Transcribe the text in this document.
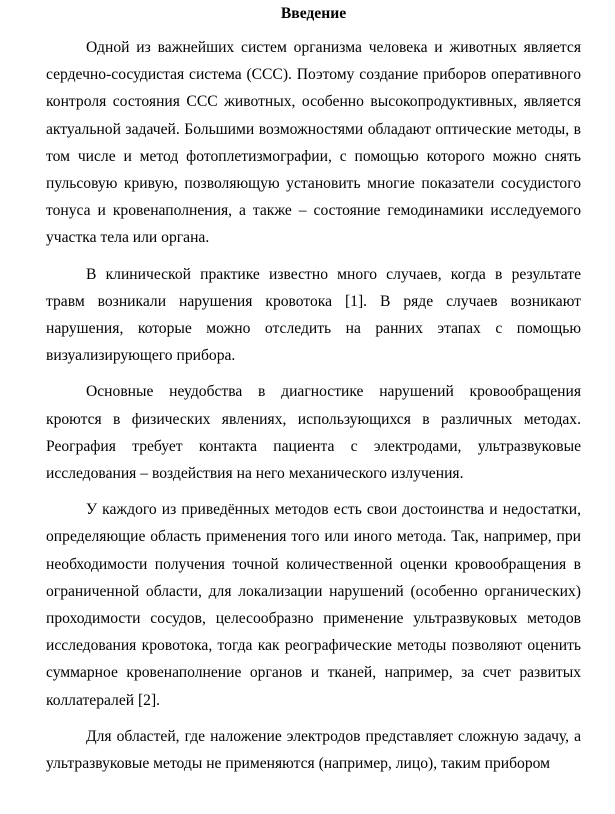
Введение

Одной из важнейших систем организма человека и животных является сердечно-сосудистая система (ССС). Поэтому создание приборов оперативного контроля состояния ССС животных, особенно высокопродуктивных, является актуальной задачей. Большими возможностями обладают оптические методы, в том числе и метод фотоплетизмографии, с помощью которого можно снять пульсовую кривую, позволяющую установить многие показатели сосудистого тонуса и кровенаполнения, а также – состояние гемодинамики исследуемого участка тела или органа.

В клинической практике известно много случаев, когда в результате травм возникали нарушения кровотока [1]. В ряде случаев возникают нарушения, которые можно отследить на ранних этапах с помощью визуализирующего прибора.

Основные неудобства в диагностике нарушений кровообращения кроются в физических явлениях, использующихся в различных методах. Реография требует контакта пациента с электродами, ультразвуковые исследования – воздействия на него механического излучения.

У каждого из приведённых методов есть свои достоинства и недостатки, определяющие область применения того или иного метода. Так, например, при необходимости получения точной количественной оценки кровообращения в ограниченной области, для локализации нарушений (особенно органических) проходимости сосудов, целесообразно применение ультразвуковых методов исследования кровотока, тогда как реографические методы позволяют оценить суммарное кровенаполнение органов и тканей, например, за счет развитых коллатералей [2].

Для областей, где наложение электродов представляет сложную задачу, а ультразвуковые методы не применяются (например, лицо), таким прибором
